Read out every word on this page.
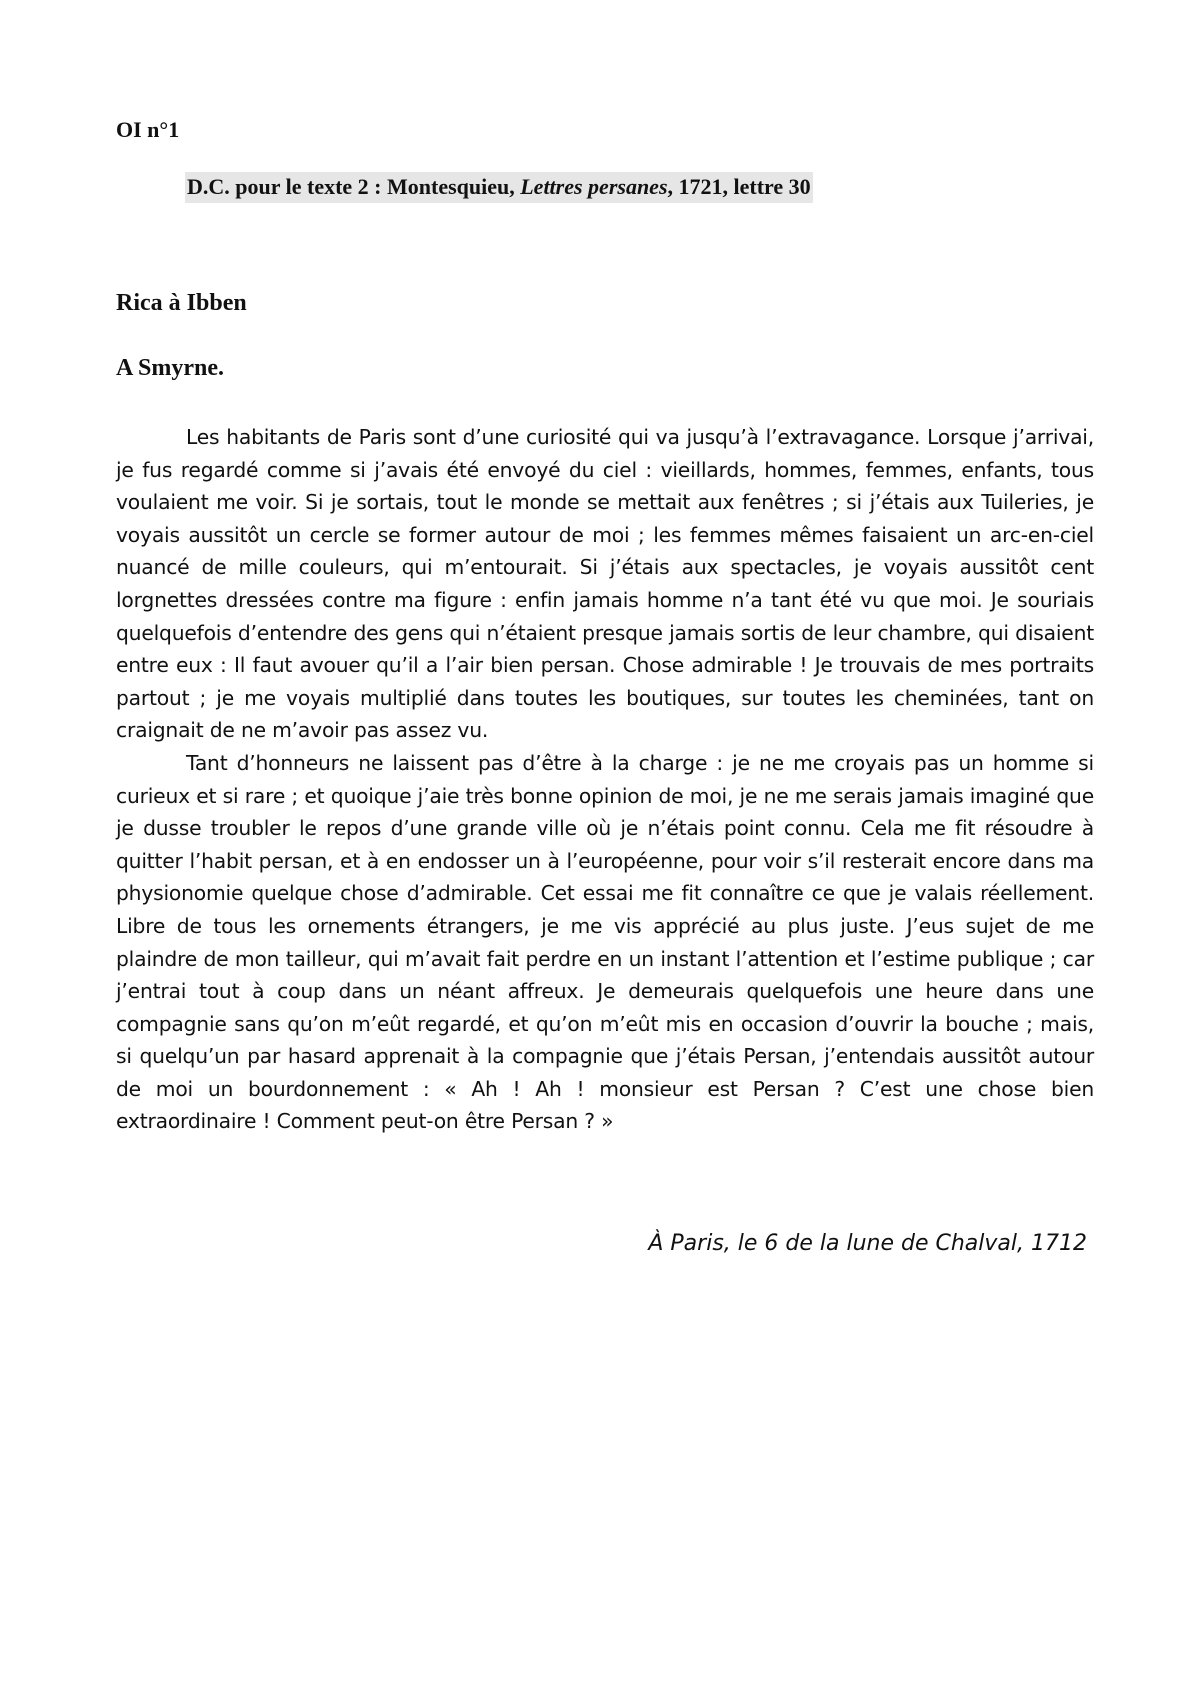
OI n°1

D.C. pour le texte 2 : Montesquieu, Lettres persanes, 1721, lettre 30

Rica à Ibben

A Smyrne.

Les habitants de Paris sont d’une curiosité qui va jusqu’à l’extravagance. Lorsque j’arrivai, je fus regardé comme si j’avais été envoyé du ciel : vieillards, hommes, femmes, enfants, tous voulaient me voir. Si je sortais, tout le monde se mettait aux fenêtres ; si j’étais aux Tuileries, je voyais aussitôt un cercle se former autour de moi ; les femmes mêmes faisaient un arc-en-ciel nuancé de mille couleurs, qui m’entourait. Si j’étais aux spectacles, je voyais aussitôt cent lorgnettes dressées contre ma figure : enfin jamais homme n’a tant été vu que moi. Je souriais quelquefois d’entendre des gens qui n’étaient presque jamais sortis de leur chambre, qui disaient entre eux : Il faut avouer qu’il a l’air bien persan. Chose admirable ! Je trouvais de mes portraits partout ; je me voyais multiplié dans toutes les boutiques, sur toutes les cheminées, tant on craignait de ne m’avoir pas assez vu.

Tant d’honneurs ne laissent pas d’être à la charge : je ne me croyais pas un homme si curieux et si rare ; et quoique j’aie très bonne opinion de moi, je ne me serais jamais imaginé que je dusse troubler le repos d’une grande ville où je n’étais point connu. Cela me fit résoudre à quitter l’habit persan, et à en endosser un à l’européenne, pour voir s’il resterait encore dans ma physionomie quelque chose d’admirable. Cet essai me fit connaître ce que je valais réellement. Libre de tous les ornements étrangers, je me vis apprécié au plus juste. J’eus sujet de me plaindre de mon tailleur, qui m’avait fait perdre en un instant l’attention et l’estime publique ; car j’entrai tout à coup dans un néant affreux. Je demeurais quelquefois une heure dans une compagnie sans qu’on m’eût regardé, et qu’on m’eût mis en occasion d’ouvrir la bouche ; mais, si quelqu’un par hasard apprenait à la compagnie que j’étais Persan, j’entendais aussitôt autour de moi un bourdonnement : « Ah ! Ah ! monsieur est Persan ? C’est une chose bien extraordinaire ! Comment peut-on être Persan ? »

À Paris, le 6 de la lune de Chalval, 1712
